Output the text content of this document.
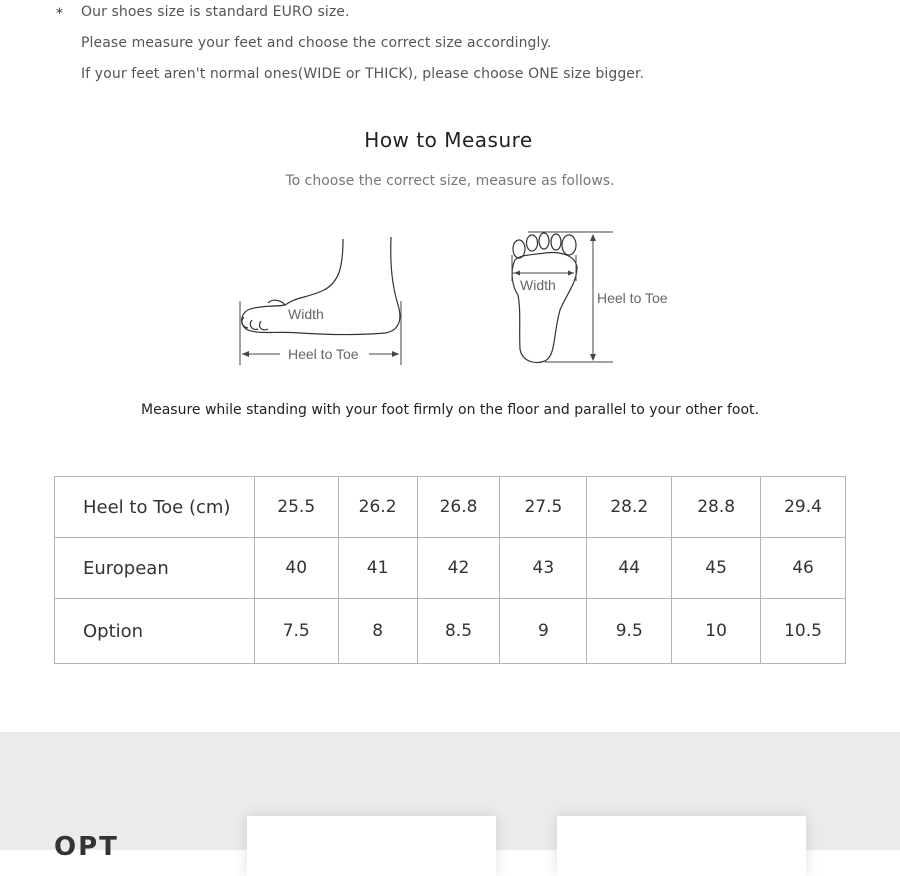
* Our shoes size is standard EURO size.
Please measure your feet and choose the correct size accordingly.
If your feet aren't normal ones(WIDE or THICK), please choose ONE size bigger.
How to Measure
To choose the correct size, measure as follows.
Width
Heel to Toe
Width
Heel to Toe
Measure while standing with your foot firmly on the floor and parallel to your other foot.
Heel to Toe (cm)	25.5	26.2	26.8	27.5	28.2	28.8	29.4
European	40	41	42	43	44	45	46
Option	7.5	8	8.5	9	9.5	10	10.5
OPT
